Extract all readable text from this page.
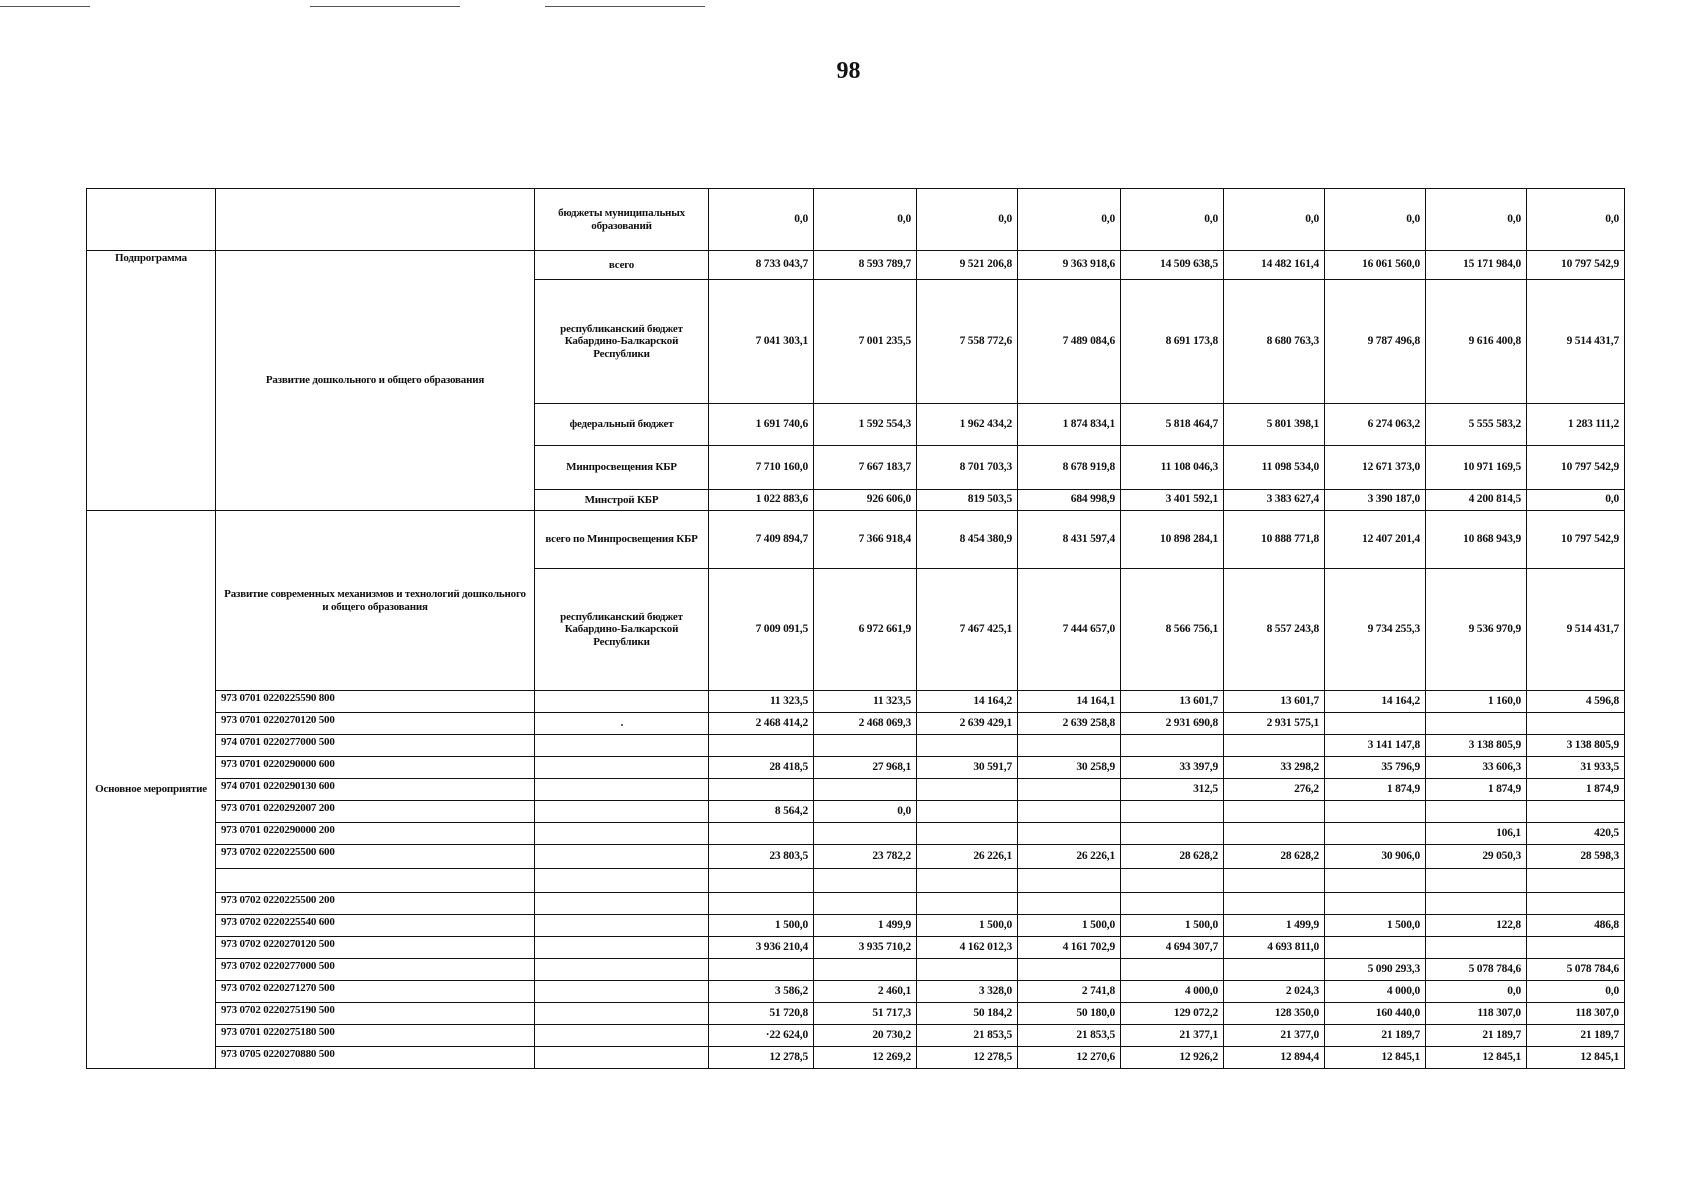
98
		бюджеты муниципальных образований	0,0	0,0	0,0	0,0	0,0	0,0	0,0	0,0	0,0
Подпрограмма	Развитие дошкольного и общего образования	всего	8 733 043,7	8 593 789,7	9 521 206,8	9 363 918,6	14 509 638,5	14 482 161,4	16 061 560,0	15 171 984,0	10 797 542,9
		республиканский бюджет Кабардино-Балкарской Республики	7 041 303,1	7 001 235,5	7 558 772,6	7 489 084,6	8 691 173,8	8 680 763,3	9 787 496,8	9 616 400,8	9 514 431,7
		федеральный бюджет	1 691 740,6	1 592 554,3	1 962 434,2	1 874 834,1	5 818 464,7	5 801 398,1	6 274 063,2	5 555 583,2	1 283 111,2
		Минпросвещения КБР	7 710 160,0	7 667 183,7	8 701 703,3	8 678 919,8	11 108 046,3	11 098 534,0	12 671 373,0	10 971 169,5	10 797 542,9
		Минстрой КБР	1 022 883,6	926 606,0	819 503,5	684 998,9	3 401 592,1	3 383 627,4	3 390 187,0	4 200 814,5	0,0
Основное мероприятие	Развитие современных механизмов и технологий дошкольного и общего образования	всего по Минпросвещения КБР	7 409 894,7	7 366 918,4	8 454 380,9	8 431 597,4	10 898 284,1	10 888 771,8	12 407 201,4	10 868 943,9	10 797 542,9
		республиканский бюджет Кабардино-Балкарской Республики	7 009 091,5	6 972 661,9	7 467 425,1	7 444 657,0	8 566 756,1	8 557 243,8	9 734 255,3	9 536 970,9	9 514 431,7
	973 0701 0220225590 800		11 323,5	11 323,5	14 164,2	14 164,1	13 601,7	13 601,7	14 164,2	1 160,0	4 596,8
	973 0701 0220270120 500		2 468 414,2	2 468 069,3	2 639 429,1	2 639 258,8	2 931 690,8	2 931 575,1			
	974 0701 0220277000 500								3 141 147,8	3 138 805,9	3 138 805,9
	973 0701 0220290000 600		28 418,5	27 968,1	30 591,7	30 258,9	33 397,9	33 298,2	35 796,9	33 606,3	31 933,5
	974 0701 0220290130 600						312,5	276,2	1 874,9	1 874,9	1 874,9
	973 0701 0220292007 200		8 564,2	0,0							
	973 0701 0220290000 200									106,1	420,5
	973 0702 0220225500 600		23 803,5	23 782,2	26 226,1	26 226,1	28 628,2	28 628,2	30 906,0	29 050,3	28 598,3

	973 0702 0220225500 200										
	973 0702 0220225540 600		1 500,0	1 499,9	1 500,0	1 500,0	1 500,0	1 499,9	1 500,0	122,8	486,8
	973 0702 0220270120 500		3 936 210,4	3 935 710,2	4 162 012,3	4 161 702,9	4 694 307,7	4 693 811,0			
	973 0702 0220277000 500								5 090 293,3	5 078 784,6	5 078 784,6
	973 0702 0220271270 500		3 586,2	2 460,1	3 328,0	2 741,8	4 000,0	2 024,3	4 000,0	0,0	0,0
	973 0702 0220275190 500		51 720,8	51 717,3	50 184,2	50 180,0	129 072,2	128 350,0	160 440,0	118 307,0	118 307,0
	973 0701 0220275180 500		·22 624,0	20 730,2	21 853,5	21 853,5	21 377,1	21 377,0	21 189,7	21 189,7	21 189,7
	973 0705 0220270880 500		12 278,5	12 269,2	12 278,5	12 270,6	12 926,2	12 894,4	12 845,1	12 845,1	12 845,1
